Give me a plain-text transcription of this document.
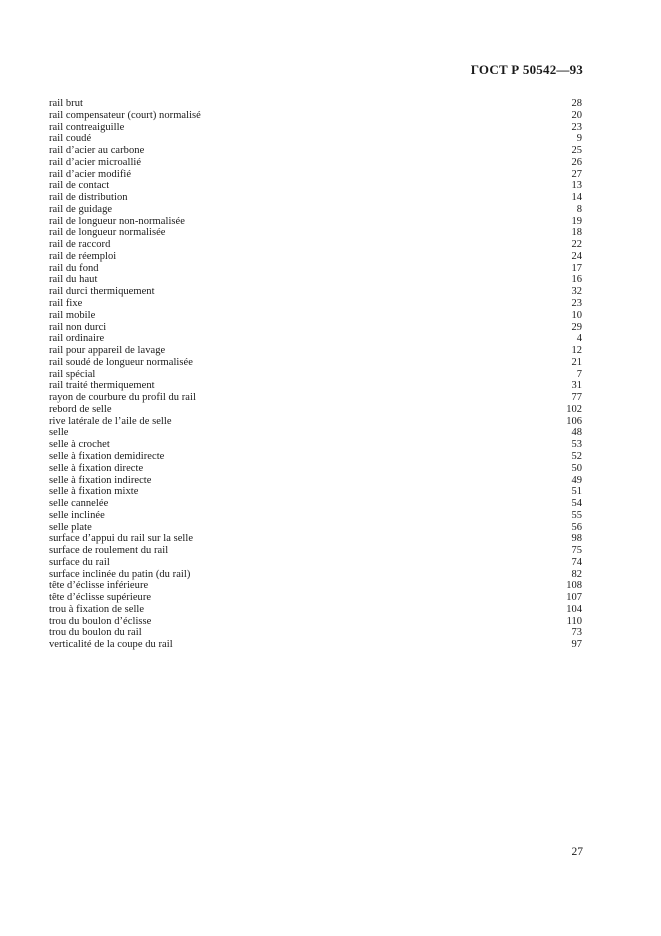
ГОСТ Р 50542—93
rail brut	28
rail compensateur (court) normalisé	20
rail contreaiguille	23
rail coudé	9
rail d’acier au carbone	25
rail d’acier microallié	26
rail d’acier modifié	27
rail de contact	13
rail de distribution	14
rail de guidage	8
rail de longueur non-normalisée	19
rail de longueur normalisée	18
rail de raccord	22
rail de réemploi	24
rail du fond	17
rail du haut	16
rail durci thermiquement	32
rail fixe	23
rail mobile	10
rail non durci	29
rail ordinaire	4
rail pour appareil de lavage	12
rail soudé de longueur normalisée	21
rail spécial	7
rail traité thermiquement	31
rayon de courbure du profil du rail	77
rebord de selle	102
rive latérale de l’aile de selle	106
selle	48
selle à crochet	53
selle à fixation demidirecte	52
selle à fixation directe	50
selle à fixation indirecte	49
selle à fixation mixte	51
selle cannelée	54
selle inclinée	55
selle plate	56
surface d’appui du rail sur la selle	98
surface de roulement du rail	75
surface du rail	74
surface inclinée du patin (du rail)	82
tête d’éclisse inférieure	108
tête d’éclisse supérieure	107
trou à fixation de selle	104
trou du boulon d’éclisse	110
trou du boulon du rail	73
verticalité de la coupe du rail	97
27
